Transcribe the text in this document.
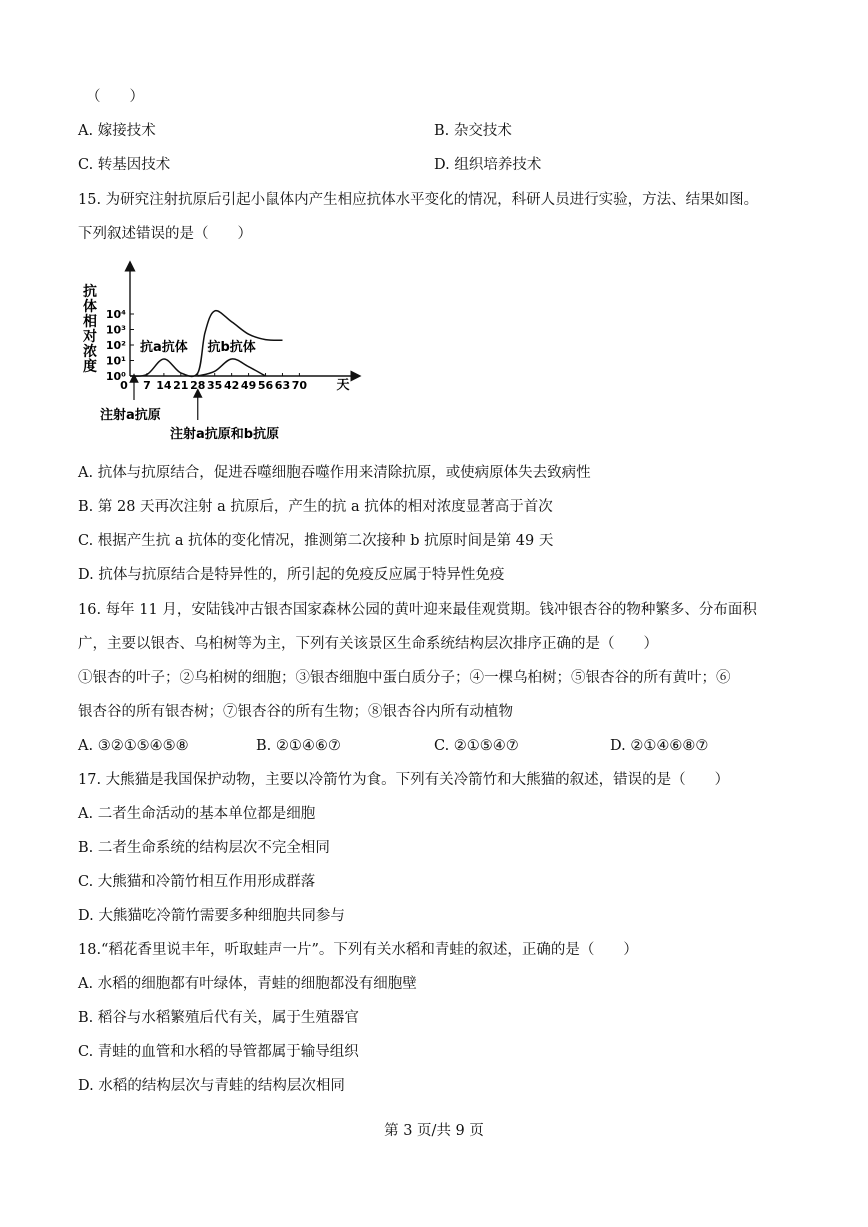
（　　）
A. 嫁接技术	B. 杂交技术
C. 转基因技术	D. 组织培养技术
15. 为研究注射抗原后引起小鼠体内产生相应抗体水平变化的情况，科研人员进行实验，方法、结果如图。
下列叙述错误的是（　　）
抗
体
相
对
浓
度
10⁰
10¹
10²
10³
10⁴
0 7 14 21 28 35 42 49 56 63 70 天
抗a抗体 抗b抗体
注射a抗原
注射a抗原和b抗原
A. 抗体与抗原结合，促进吞噬细胞吞噬作用来清除抗原，或使病原体失去致病性
B. 第 28 天再次注射 a 抗原后，产生的抗 a 抗体的相对浓度显著高于首次
C. 根据产生抗 a 抗体的变化情况，推测第二次接种 b 抗原时间是第 49 天
D. 抗体与抗原结合是特异性的，所引起的免疫反应属于特异性免疫
16. 每年 11 月，安陆钱冲古银杏国家森林公园的黄叶迎来最佳观赏期。钱冲银杏谷的物种繁多、分布面积
广，主要以银杏、乌桕树等为主，下列有关该景区生命系统结构层次排序正确的是（　　）
①银杏的叶子；②乌桕树的细胞；③银杏细胞中蛋白质分子；④一棵乌桕树；⑤银杏谷的所有黄叶；⑥
银杏谷的所有银杏树；⑦银杏谷的所有生物；⑧银杏谷内所有动植物
A. ③②①⑤④⑤⑧	B. ②①④⑥⑦	C. ②①⑤④⑦	D. ②①④⑥⑧⑦
17. 大熊猫是我国保护动物，主要以冷箭竹为食。下列有关冷箭竹和大熊猫的叙述，错误的是（　　）
A. 二者生命活动的基本单位都是细胞
B. 二者生命系统的结构层次不完全相同
C. 大熊猫和冷箭竹相互作用形成群落
D. 大熊猫吃冷箭竹需要多种细胞共同参与
18.“稻花香里说丰年，听取蛙声一片”。下列有关水稻和青蛙的叙述，正确的是（　　）
A. 水稻的细胞都有叶绿体，青蛙的细胞都没有细胞壁
B. 稻谷与水稻繁殖后代有关，属于生殖器官
C. 青蛙的血管和水稻的导管都属于输导组织
D. 水稻的结构层次与青蛙的结构层次相同
第 3 页/共 9 页
